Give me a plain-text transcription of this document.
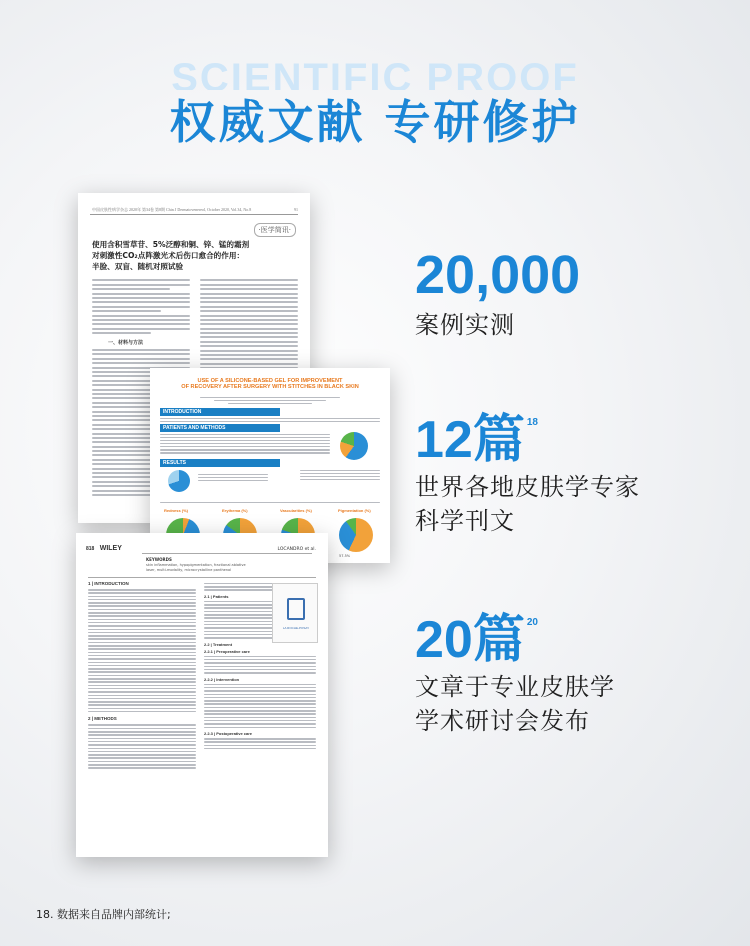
SCIENTIFIC PROOF
权威文献 专研修护
中国皮肤性病学杂志 2020年 第34卷 第8期 Chin J Dermatovenereol, October 2020, Vol.34, No.8	91
·医学简讯·
使用含积雪草苷、5%泛醇和铜、锌、锰的霜剂
对刺激性CO₂点阵激光术后伤口愈合的作用：
半脸、双盲、随机对照试验
一、材料与方法
USE OF A SILICONE-BASED GEL FOR IMPROVEMENT
OF RECOVERY AFTER SURGERY WITH STITCHES IN BLACK SKIN
INTRODUCTION
PATIENTS AND METHODS
RESULTS
Redness (%)	Erythema (%)	Vascularities (%)	Pigmentation (%)
57.5%
818 WILEY	LOCANDRO et al.
KEYWORDS
skin inflammation, hypopigmentation, fractional ablative laser, multi-modality, microcrystalline panthenol
1 | INTRODUCTION
2 | METHODS
2.1 | Patients
2.2 | Treatment
2.2.1 | Preoperative care
2.2.2 | Intervention
2.2.3 | Postoperative care
LA ROCHE-POSAY
20,000
案例实测
12篇 $^{18}$
世界各地皮肤学专家
科学刊文
20篇 $^{20}$
文章于专业皮肤学
学术研讨会发布
18. 数据来自品牌内部统计;
